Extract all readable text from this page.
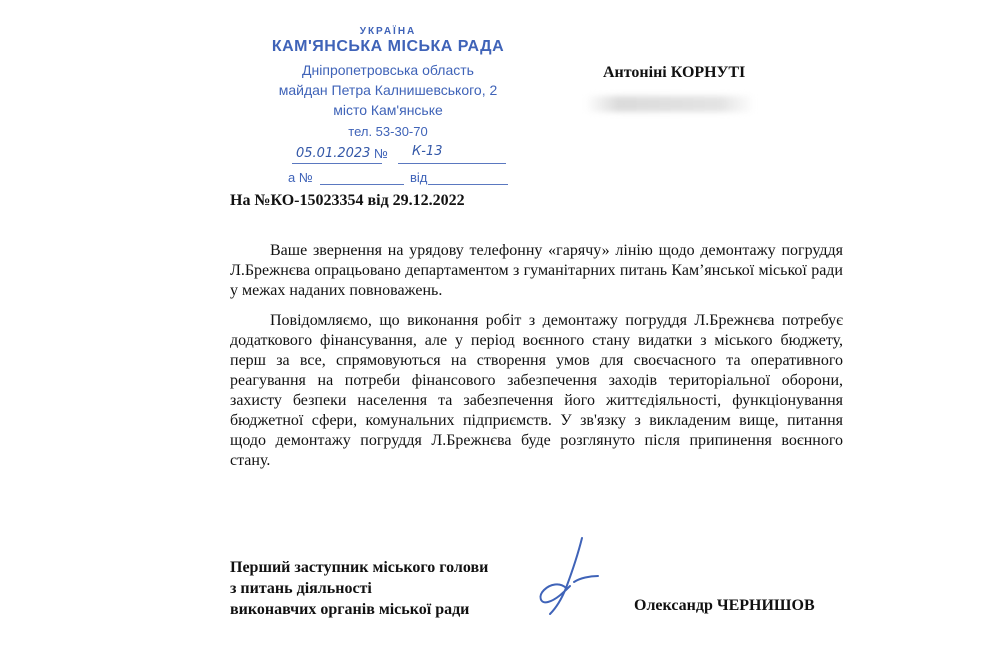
УКРАЇНА
КАМ'ЯНСЬКА МІСЬКА РАДА
Дніпропетровська область
майдан Петра Калнишевського, 2
місто Кам'янське
тел. 53-30-70
05.01.2023 № К-13
а №	від
Антоніні КОРНУТІ
На №КО-15023354 від 29.12.2022

Ваше звернення на урядову телефонну «гарячу» лінію щодо демонтажу погруддя Л.Брежнєва опрацьовано департаментом з гуманітарних питань Кам’янської міської ради у межах наданих повноважень.

Повідомляємо, що виконання робіт з демонтажу погруддя Л.Брежнєва потребує додаткового фінансування, але у період воєнного стану видатки з міського бюджету, перш за все, спрямовуються на створення умов для своєчасного та оперативного реагування на потреби фінансового забезпечення заходів територіальної оборони, захисту безпеки населення та забезпечення його життєдіяльності, функціонування бюджетної сфери, комунальних підприємств. У зв'язку з викладеним вище, питання щодо демонтажу погруддя Л.Брежнєва буде розглянуто після припинення воєнного стану.

Перший заступник міського голови
з питань діяльності
виконавчих органів міської ради	Олександр ЧЕРНИШОВ
